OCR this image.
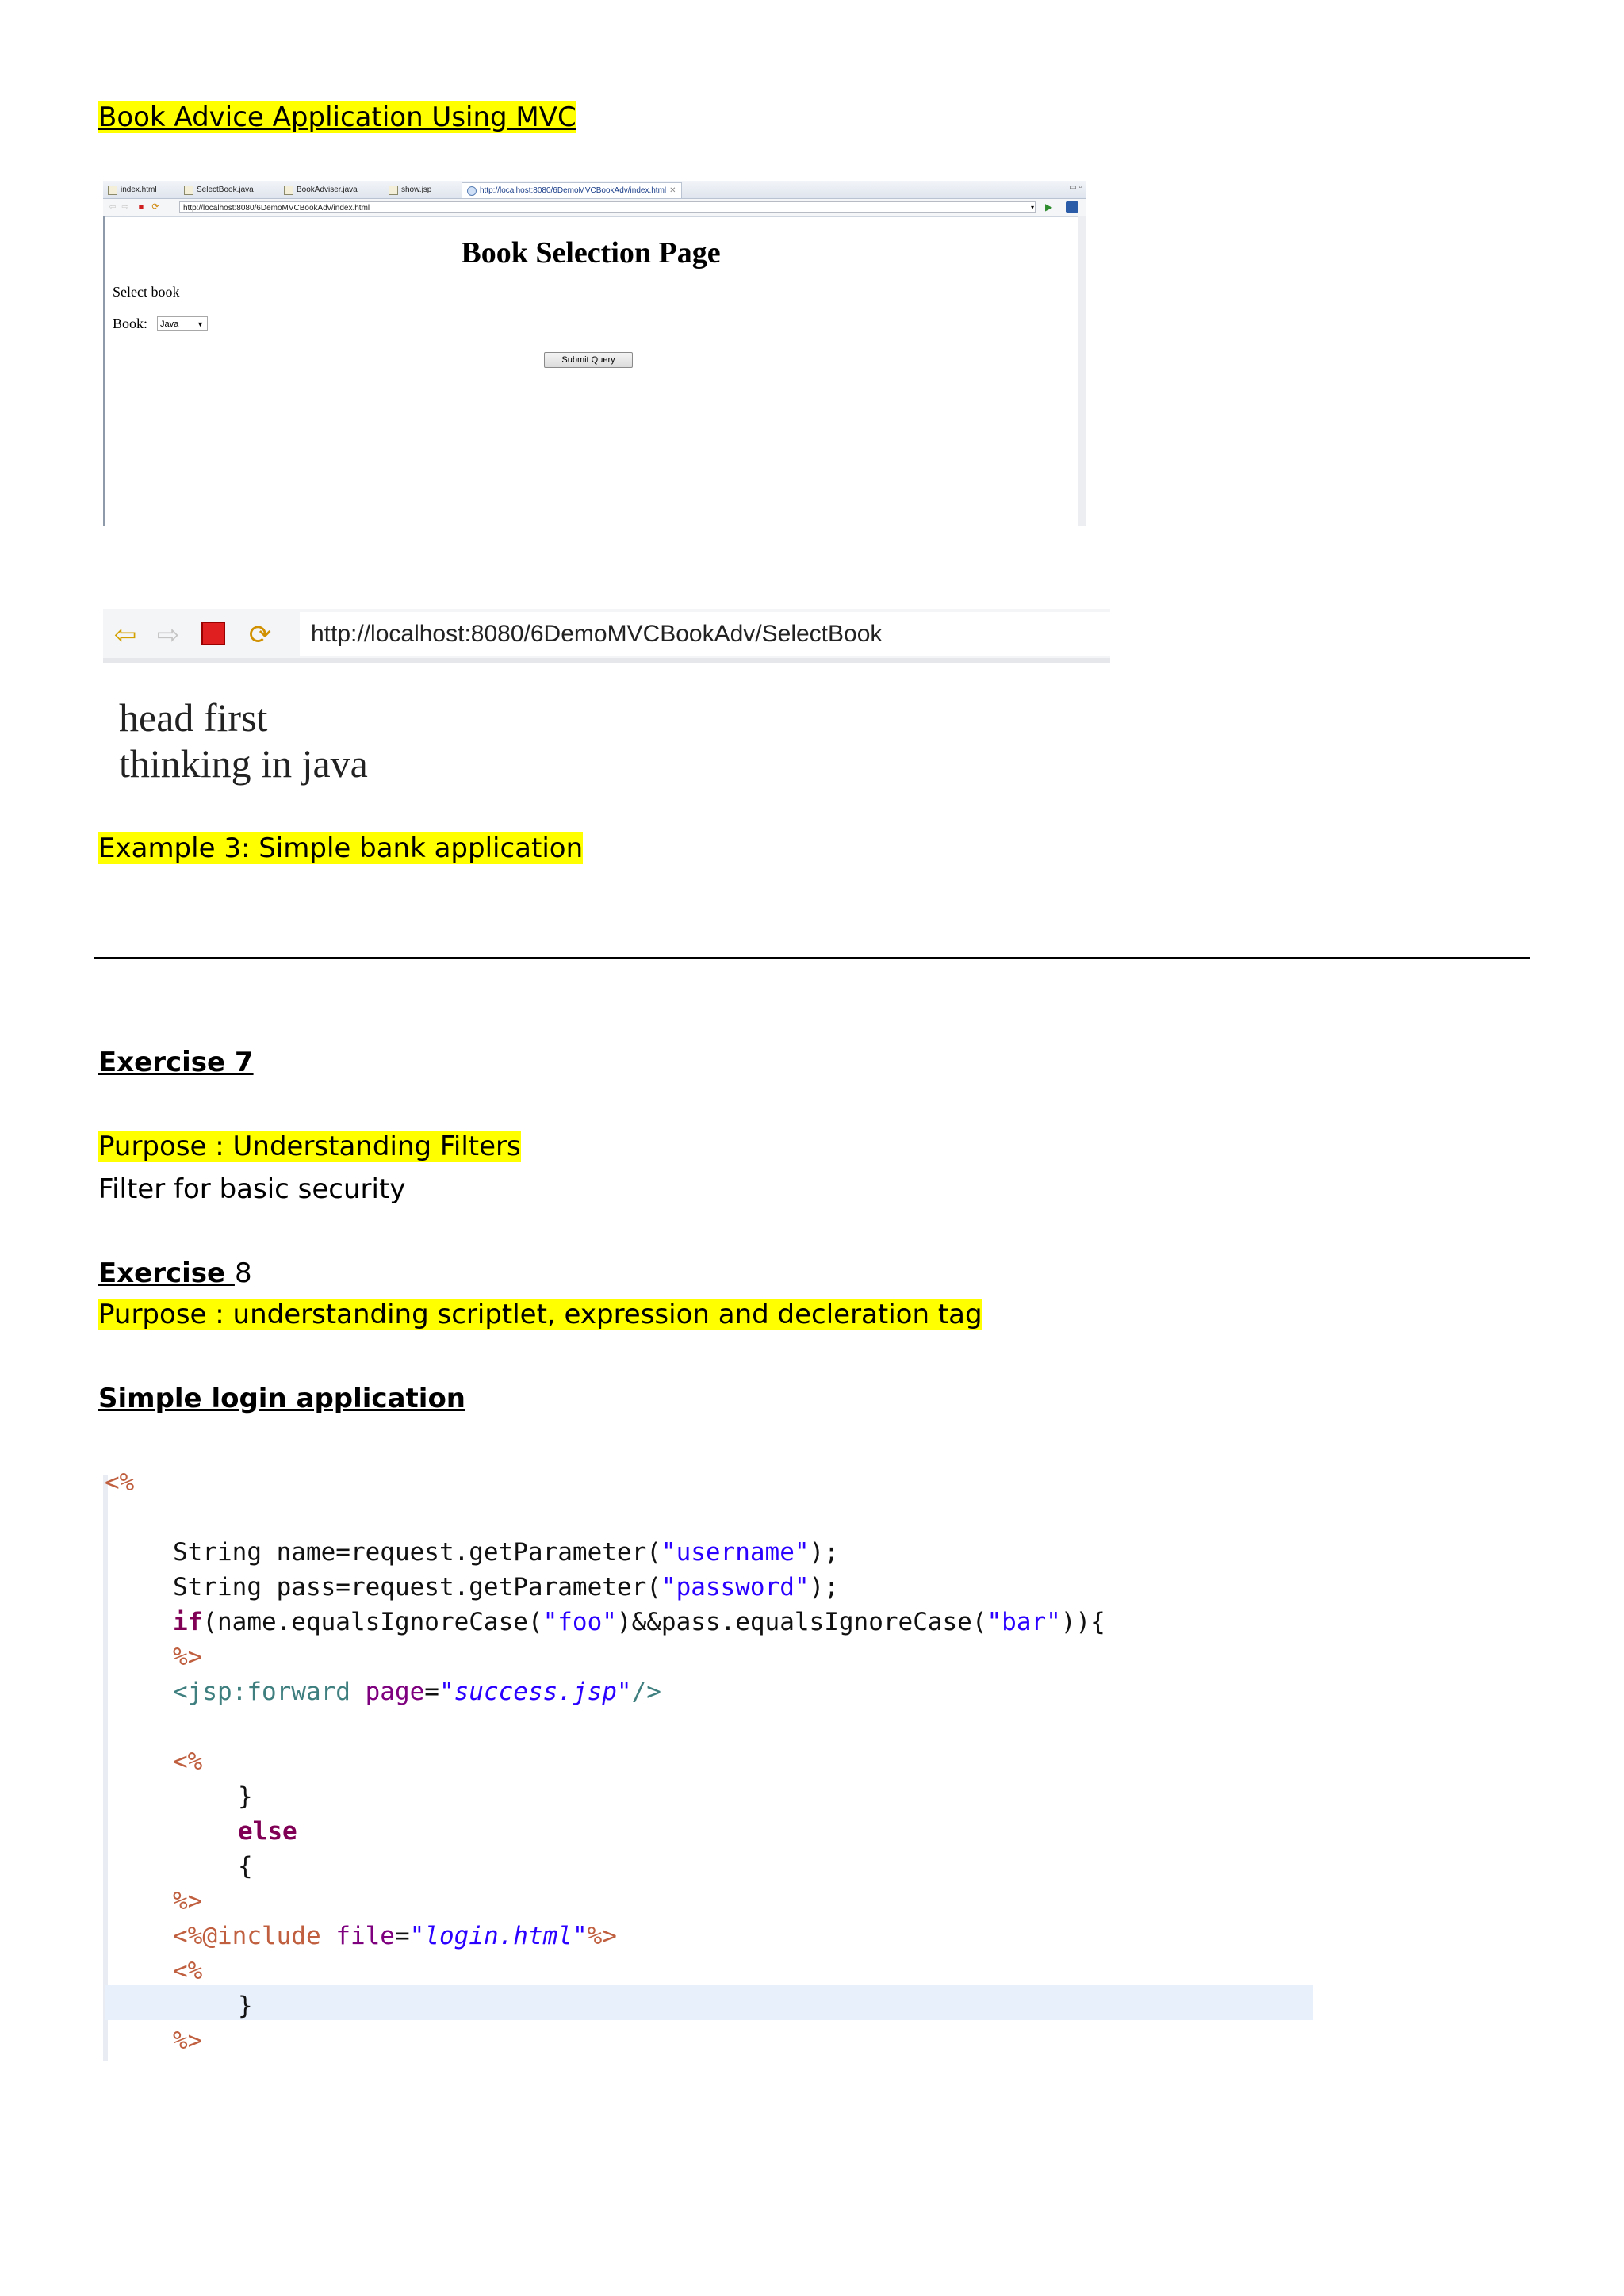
Book Advice Application Using MVC
index.html	SelectBook.java	BookAdviser.java	show.jsp	http://localhost:8080/6DemoMVCBookAdv/index.html ✕	▭ ▫
⇦ ⇨ ■ ⟳	http://localhost:8080/6DemoMVCBookAdv/index.html	▾ ▶
Book Selection Page
Select book
Book:	Java	▼
Submit Query
⇦ ⇨	⟳	http://localhost:8080/6DemoMVCBookAdv/SelectBook
head first
thinking in java
Example 3: Simple bank application
Exercise 7
Purpose : Understanding Filters
Filter for basic security
Exercise 8
Purpose : understanding scriptlet, expression and decleration tag
Simple login application
<%
String name=request.getParameter("username");
String pass=request.getParameter("password");
if(name.equalsIgnoreCase("foo")&&pass.equalsIgnoreCase("bar")){
%>
<jsp:forward page="success.jsp"/>
<%
}
else
{
%>
<%@include file="login.html"%>
<%
}
%>
